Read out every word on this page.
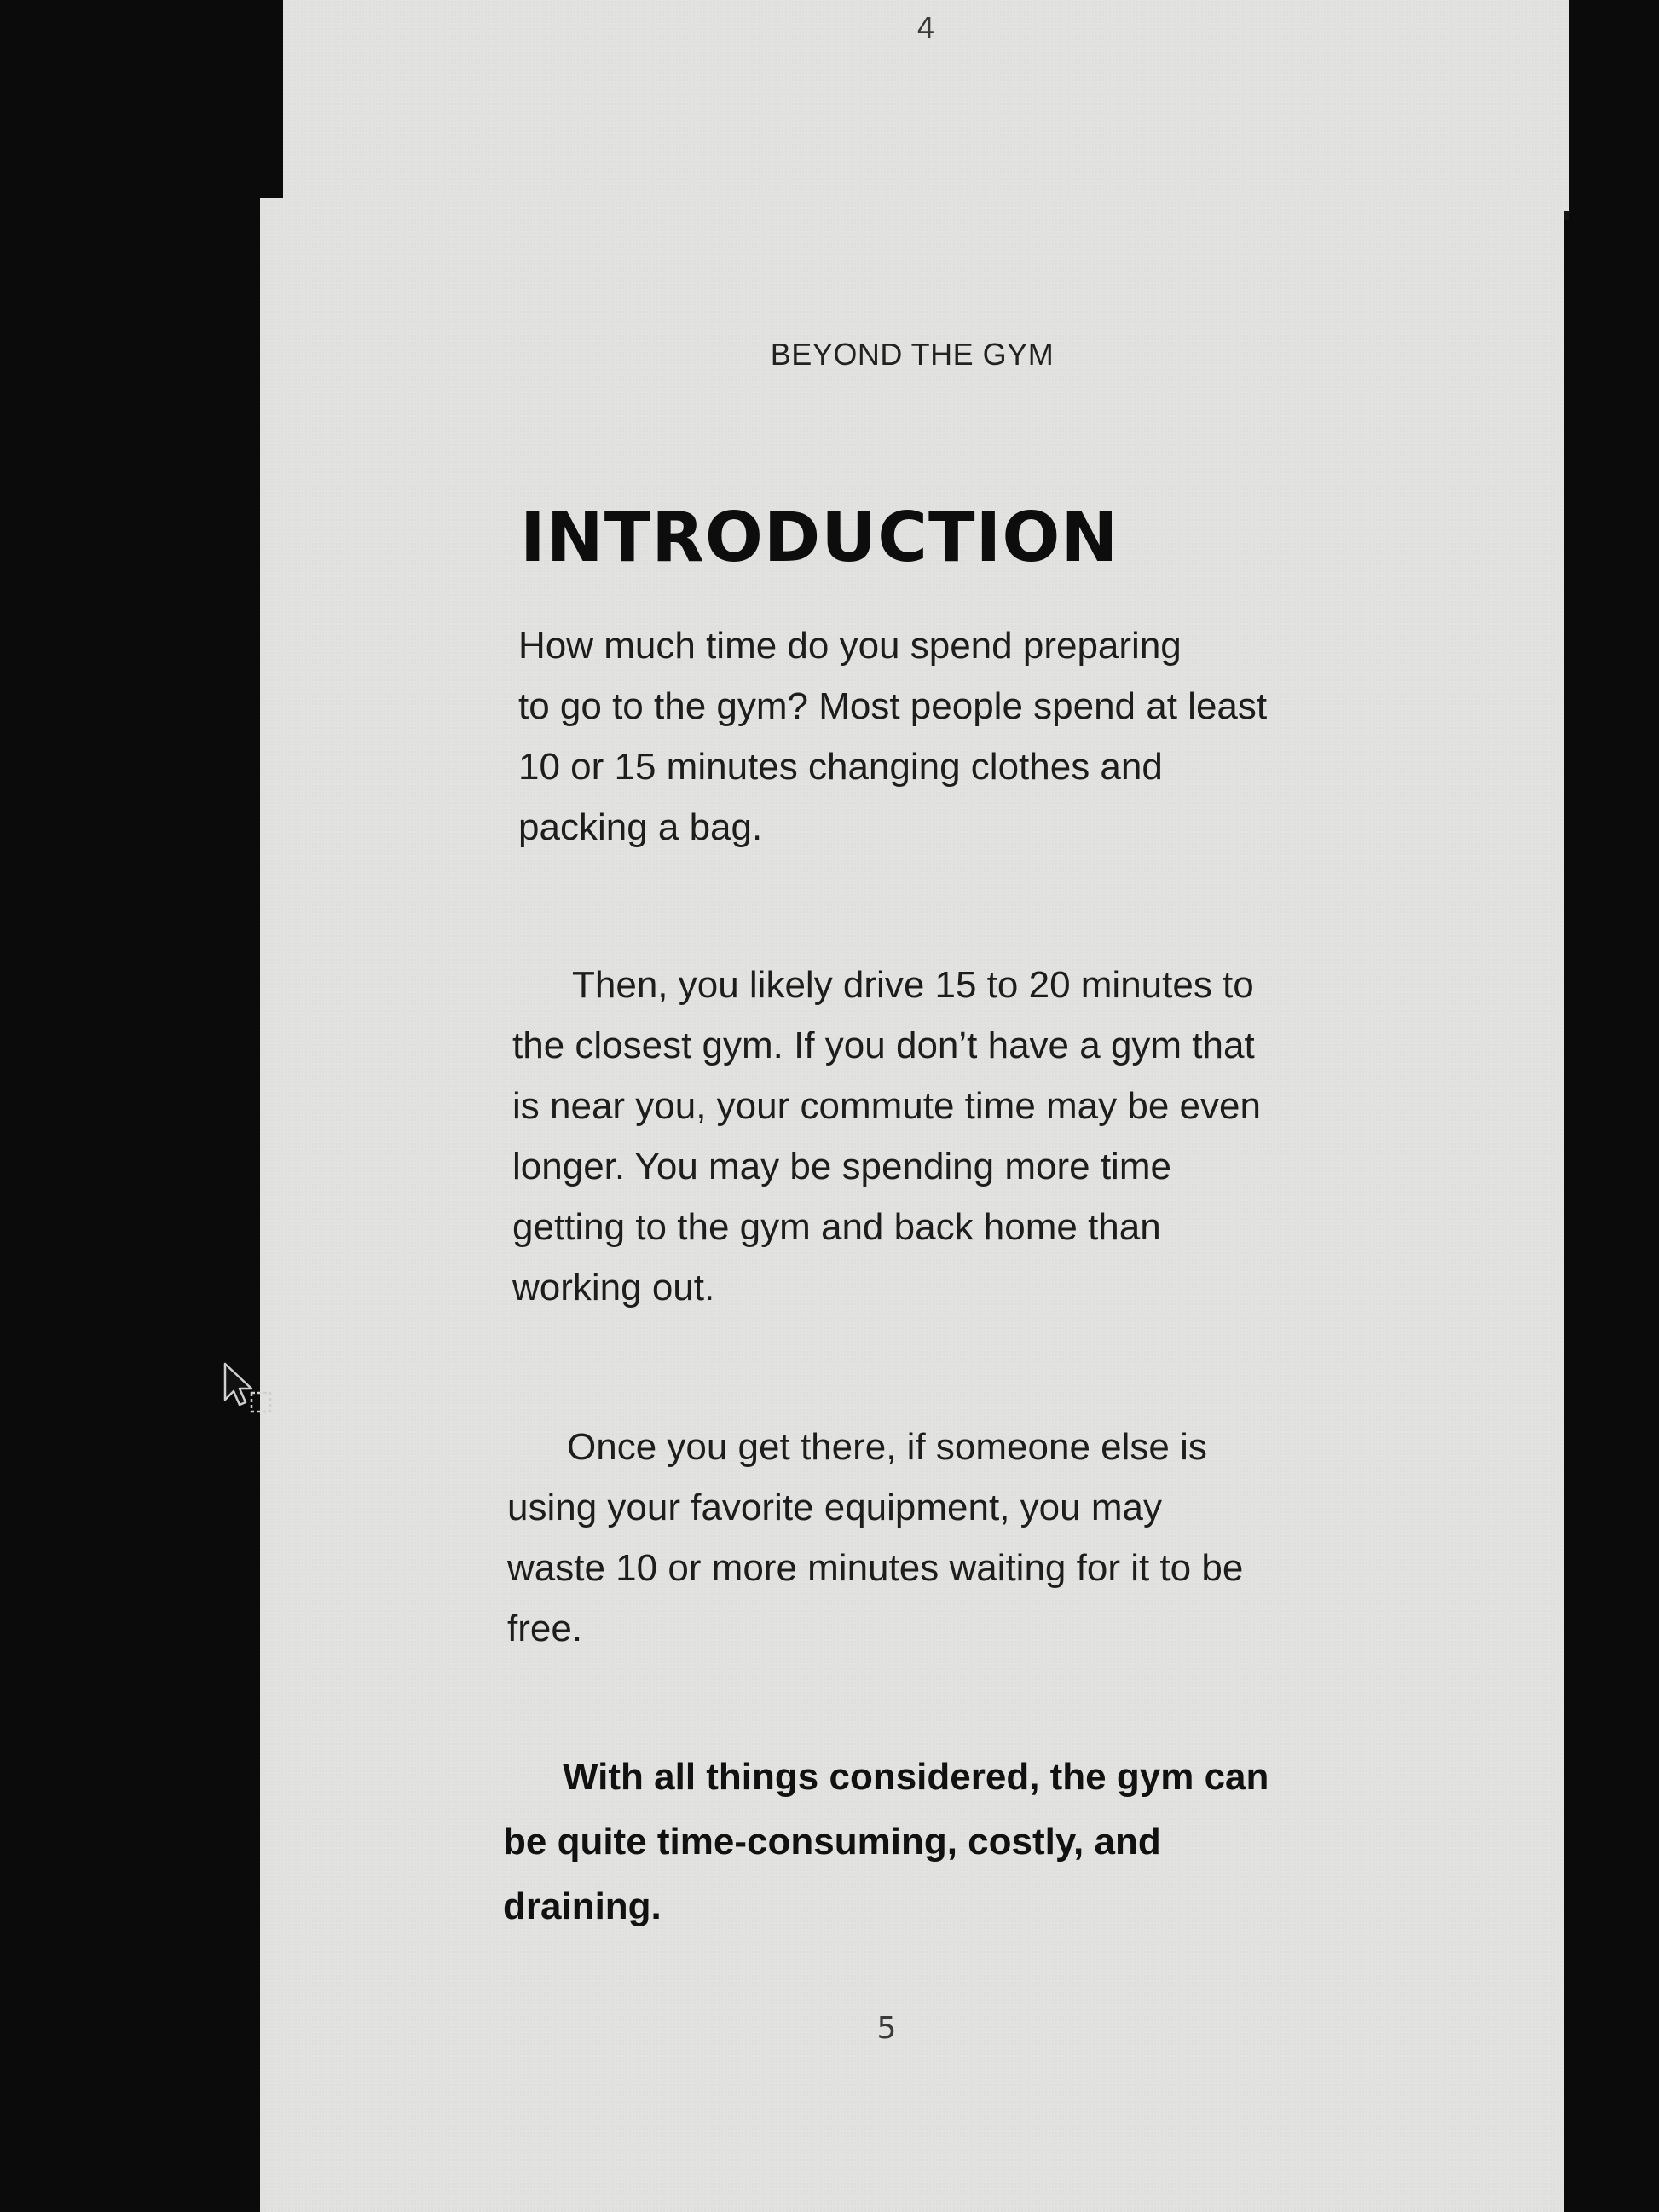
4
BEYOND THE GYM
INTRODUCTION
How much time do you spend preparing
to go to the gym? Most people spend at least
10 or 15 minutes changing clothes and
packing a bag.
Then, you likely drive 15 to 20 minutes to
the closest gym. If you don’t have a gym that
is near you, your commute time may be even
longer. You may be spending more time
getting to the gym and back home than
working out.
Once you get there, if someone else is
using your favorite equipment, you may
waste 10 or more minutes waiting for it to be
free.
With all things considered, the gym can
be quite time-consuming, costly, and
draining.
5
